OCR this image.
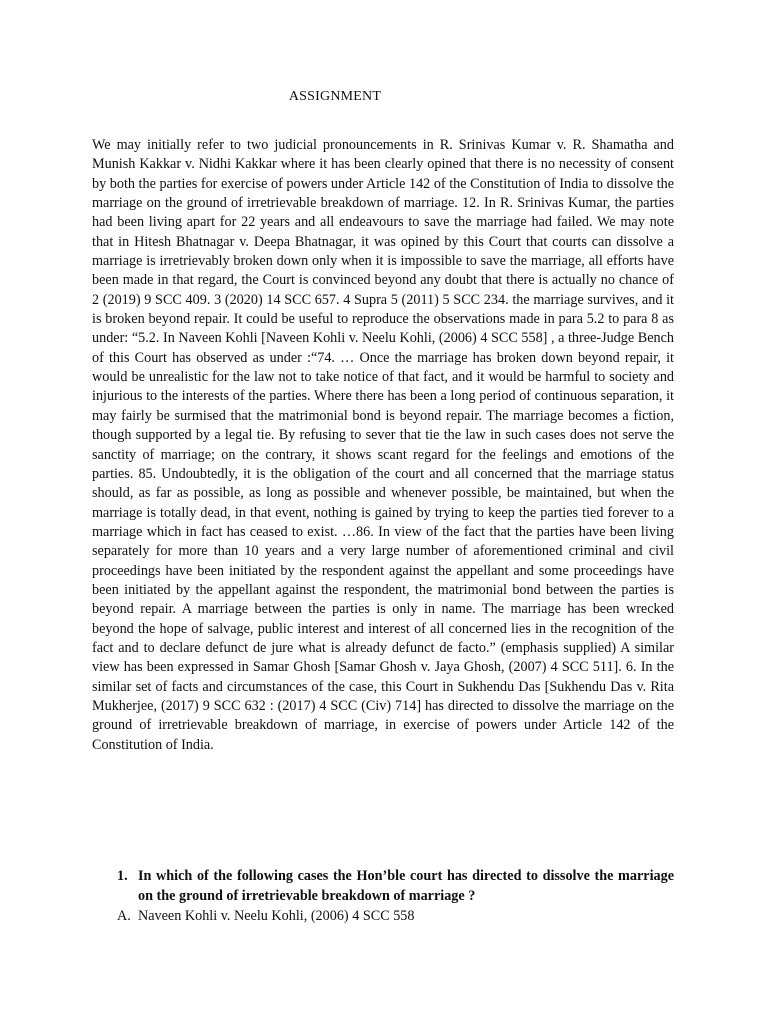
ASSIGNMENT

We may initially refer to two judicial pronouncements in R. Srinivas Kumar v. R. Shamatha and Munish Kakkar v. Nidhi Kakkar where it has been clearly opined that there is no necessity of consent by both the parties for exercise of powers under Article 142 of the Constitution of India to dissolve the marriage on the ground of irretrievable breakdown of marriage. 12. In R. Srinivas Kumar, the parties had been living apart for 22 years and all endeavours to save the marriage had failed. We may note that in Hitesh Bhatnagar v. Deepa Bhatnagar, it was opined by this Court that courts can dissolve a marriage is irretrievably broken down only when it is impossible to save the marriage, all efforts have been made in that regard, the Court is convinced beyond any doubt that there is actually no chance of 2 (2019) 9 SCC 409. 3 (2020) 14 SCC 657. 4 Supra 5 (2011) 5 SCC 234. the marriage survives, and it is broken beyond repair. It could be useful to reproduce the observations made in para 5.2 to para 8 as under: “5.2. In Naveen Kohli [Naveen Kohli v. Neelu Kohli, (2006) 4 SCC 558] , a three-Judge Bench of this Court has observed as under :“74. … Once the marriage has broken down beyond repair, it would be unrealistic for the law not to take notice of that fact, and it would be harmful to society and injurious to the interests of the parties. Where there has been a long period of continuous separation, it may fairly be surmised that the matrimonial bond is beyond repair. The marriage becomes a fiction, though supported by a legal tie. By refusing to sever that tie the law in such cases does not serve the sanctity of marriage; on the contrary, it shows scant regard for the feelings and emotions of the parties. 85. Undoubtedly, it is the obligation of the court and all concerned that the marriage status should, as far as possible, as long as possible and whenever possible, be maintained, but when the marriage is totally dead, in that event, nothing is gained by trying to keep the parties tied forever to a marriage which in fact has ceased to exist. …86. In view of the fact that the parties have been living separately for more than 10 years and a very large number of aforementioned criminal and civil proceedings have been initiated by the respondent against the appellant and some proceedings have been initiated by the appellant against the respondent, the matrimonial bond between the parties is beyond repair. A marriage between the parties is only in name. The marriage has been wrecked beyond the hope of salvage, public interest and interest of all concerned lies in the recognition of the fact and to declare defunct de jure what is already defunct de facto.” (emphasis supplied) A similar view has been expressed in Samar Ghosh [Samar Ghosh v. Jaya Ghosh, (2007) 4 SCC 511]. 6. In the similar set of facts and circumstances of the case, this Court in Sukhendu Das [Sukhendu Das v. Rita Mukherjee, (2017) 9 SCC 632 : (2017) 4 SCC (Civ) 714] has directed to dissolve the marriage on the ground of irretrievable breakdown of marriage, in exercise of powers under Article 142 of the Constitution of India.

1. In which of the following cases the Hon’ble court has directed to dissolve the marriage on the ground of irretrievable breakdown of marriage ?
A. Naveen Kohli v. Neelu Kohli, (2006) 4 SCC 558
